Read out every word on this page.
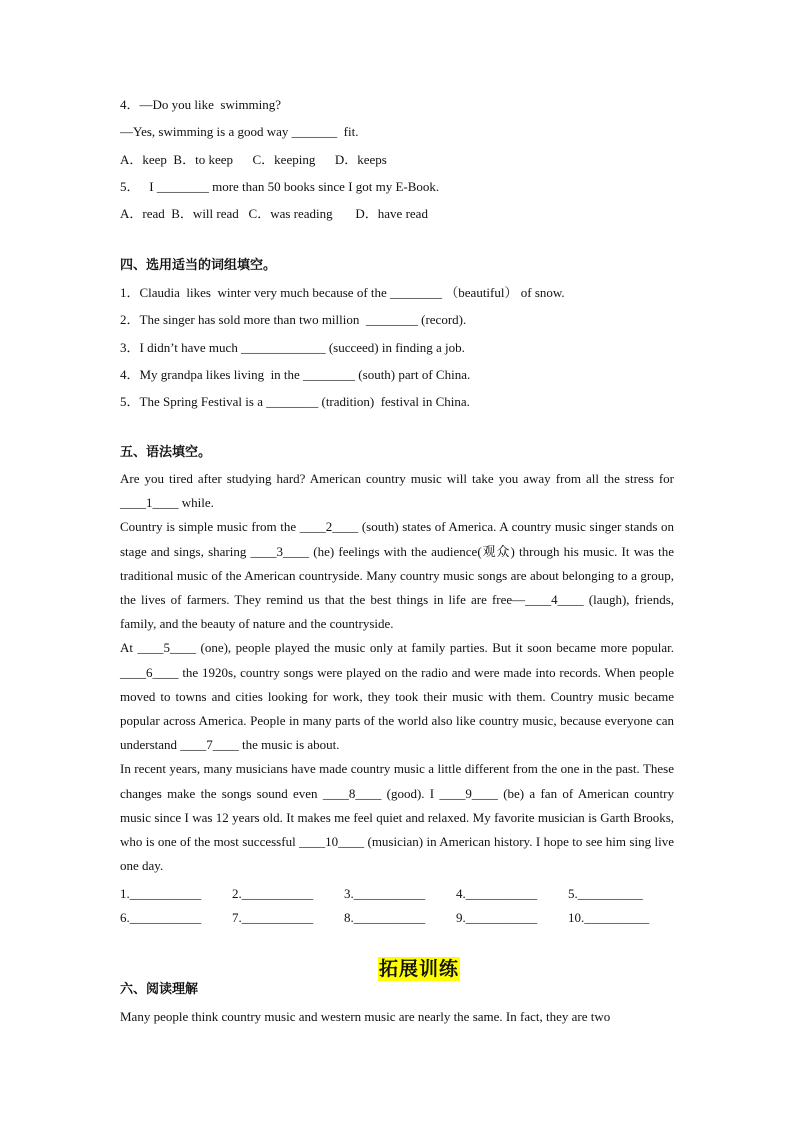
4．—Do you like  swimming?
—Yes, swimming is a good way _______  fit.
A．keep  B．to keep      C．keeping      D．keeps
5．   I ________ more than 50 books since I got my E-Book.
A．read  B．will read   C．was reading       D．have read
四、选用适当的词组填空。
1．Claudia  likes  winter very much because of the ________ （beautiful） of snow.
2．The singer has sold more than two million  ________ (record).
3．I didn’t have much _____________ (succeed) in finding a job.
4．My grandpa likes living  in the ________ (south) part of China.
5．The Spring Festival is a ________ (tradition)  festival in China.
五、语法填空。

Are you tired after studying hard? American country music will take you away from all the stress for ____1____ while.

Country is simple music from the ____2____ (south) states of America. A country music singer stands on stage and sings, sharing ____3____ (he) feelings with the audience(观众) through his music. It was the traditional music of the American countryside. Many country music songs are about belonging to a group, the lives of farmers. They remind us that the best things in life are free—____4____ (laugh), friends, family, and the beauty of nature and the countryside.

At ____5____ (one), people played the music only at family parties. But it soon became more popular. ____6____ the 1920s, country songs were played on the radio and were made into records. When people moved to towns and cities looking for work, they took their music with them. Country music became popular across America. People in many parts of the world also like country music, because everyone can understand ____7____ the music is about.

In recent years, many musicians have made country music a little different from the one in the past. These changes make the songs sound even ____8____ (good). I ____9____ (be) a fan of American country music since I was 12 years old. It makes me feel quiet and relaxed. My favorite musician is Garth Brooks, who is one of the most successful ____10____ (musician) in American history. I hope to see him sing live one day.

1.___________ 2.___________ 3.___________ 4.___________ 5.__________
6.___________ 7.___________ 8.___________ 9.___________ 10.__________
拓展训练
六、阅读理解
Many people think country music and western music are nearly the same. In fact, they are two
